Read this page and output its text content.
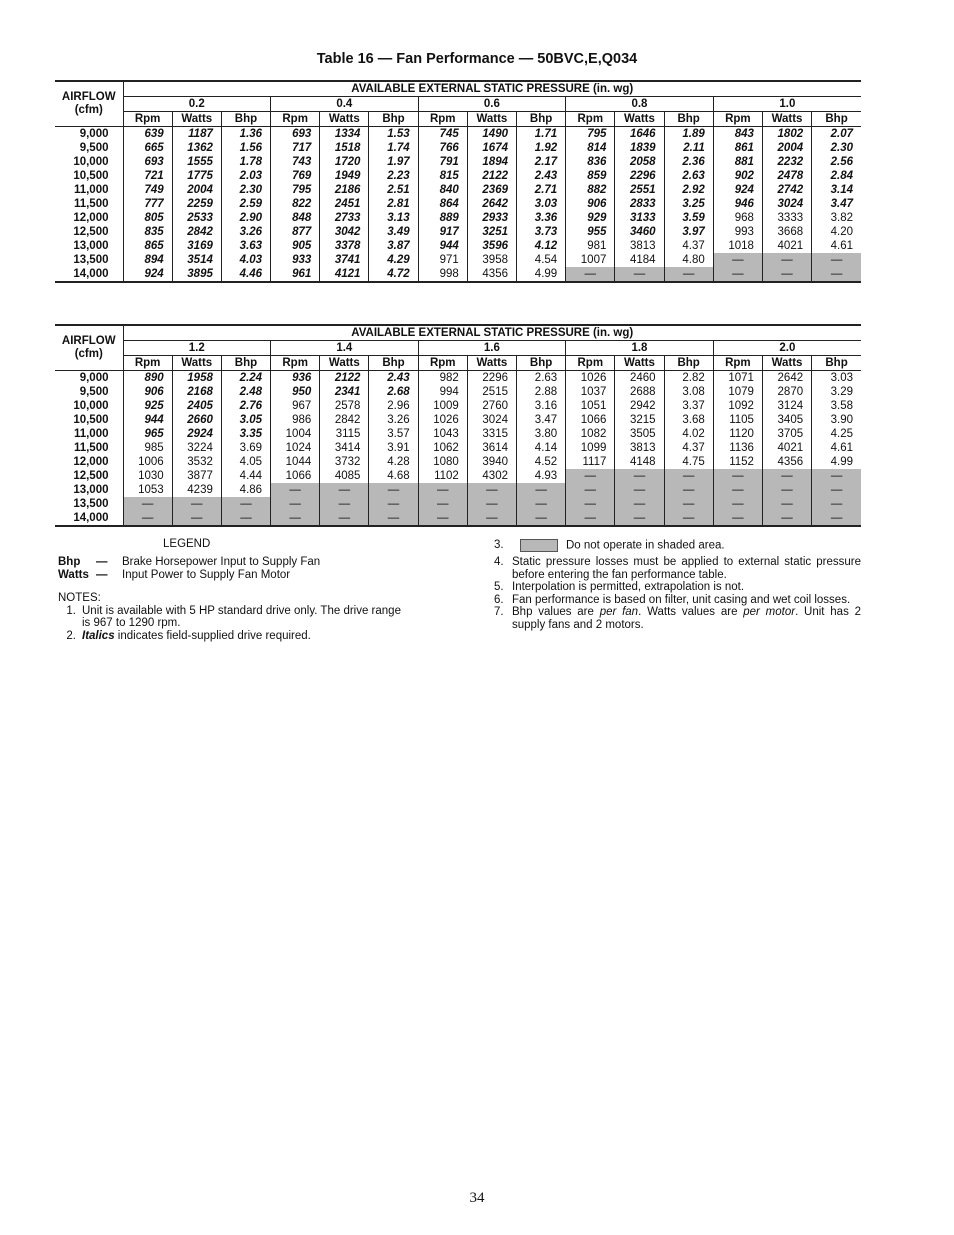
Table 16 — Fan Performance — 50BVC,E,Q034
AIRFLOW
(cfm)	AVAILABLE EXTERNAL STATIC PRESSURE (in. wg)														
	0.2			0.4			0.6			0.8			1.0		
	Rpm	Watts	Bhp	Rpm	Watts	Bhp	Rpm	Watts	Bhp	Rpm	Watts	Bhp	Rpm	Watts	Bhp
9,000	639	1187	1.36	693	1334	1.53	745	1490	1.71	795	1646	1.89	843	1802	2.07
9,500	665	1362	1.56	717	1518	1.74	766	1674	1.92	814	1839	2.11	861	2004	2.30
10,000	693	1555	1.78	743	1720	1.97	791	1894	2.17	836	2058	2.36	881	2232	2.56
10,500	721	1775	2.03	769	1949	2.23	815	2122	2.43	859	2296	2.63	902	2478	2.84
11,000	749	2004	2.30	795	2186	2.51	840	2369	2.71	882	2551	2.92	924	2742	3.14
11,500	777	2259	2.59	822	2451	2.81	864	2642	3.03	906	2833	3.25	946	3024	3.47
12,000	805	2533	2.90	848	2733	3.13	889	2933	3.36	929	3133	3.59	968	3333	3.82
12,500	835	2842	3.26	877	3042	3.49	917	3251	3.73	955	3460	3.97	993	3668	4.20
13,000	865	3169	3.63	905	3378	3.87	944	3596	4.12	981	3813	4.37	1018	4021	4.61
13,500	894	3514	4.03	933	3741	4.29	971	3958	4.54	1007	4184	4.80	—	—	—
14,000	924	3895	4.46	961	4121	4.72	998	4356	4.99	—	—	—	—	—	—
AIRFLOW
(cfm)	AVAILABLE EXTERNAL STATIC PRESSURE (in. wg)														
	1.2			1.4			1.6			1.8			2.0		
	Rpm	Watts	Bhp	Rpm	Watts	Bhp	Rpm	Watts	Bhp	Rpm	Watts	Bhp	Rpm	Watts	Bhp
9,000	890	1958	2.24	936	2122	2.43	982	2296	2.63	1026	2460	2.82	1071	2642	3.03
9,500	906	2168	2.48	950	2341	2.68	994	2515	2.88	1037	2688	3.08	1079	2870	3.29
10,000	925	2405	2.76	967	2578	2.96	1009	2760	3.16	1051	2942	3.37	1092	3124	3.58
10,500	944	2660	3.05	986	2842	3.26	1026	3024	3.47	1066	3215	3.68	1105	3405	3.90
11,000	965	2924	3.35	1004	3115	3.57	1043	3315	3.80	1082	3505	4.02	1120	3705	4.25
11,500	985	3224	3.69	1024	3414	3.91	1062	3614	4.14	1099	3813	4.37	1136	4021	4.61
12,000	1006	3532	4.05	1044	3732	4.28	1080	3940	4.52	1117	4148	4.75	1152	4356	4.99
12,500	1030	3877	4.44	1066	4085	4.68	1102	4302	4.93	—	—	—	—	—	—
13,000	1053	4239	4.86	—	—	—	—	—	—	—	—	—	—	—	—
13,500	—	—	—	—	—	—	—	—	—	—	—	—	—	—	—
14,000	—	—	—	—	—	—	—	—	—	—	—	—	—	—	—
LEGEND
Bhp — Brake Horsepower Input to Supply Fan
Watts — Input Power to Supply Fan Motor
NOTES:
1. Unit is available with 5 HP standard drive only. The drive range
is 967 to 1290 rpm.
2. Italics indicates field-supplied drive required.
3.	Do not operate in shaded area.
4. Static pressure losses must be applied to external static pressure before entering the fan performance table.
5. Interpolation is permitted, extrapolation is not.
6. Fan performance is based on filter, unit casing and wet coil losses.
7. Bhp values are per fan. Watts values are per motor. Unit has 2 supply fans and 2 motors.
34
